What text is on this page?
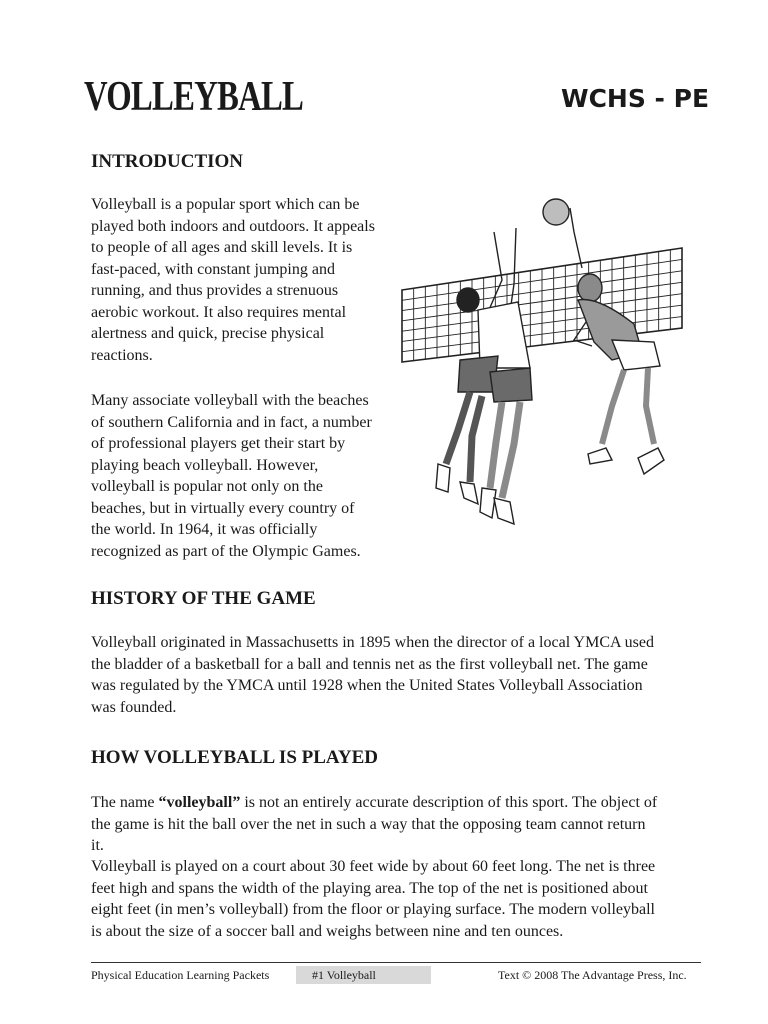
VOLLEYBALL	WCHS - PE
INTRODUCTION
Volleyball is a popular sport which can be
played both indoors and outdoors. It appeals
to people of all ages and skill levels. It is
fast-paced, with constant jumping and
running, and thus provides a strenuous
aerobic workout. It also requires mental
alertness and quick, precise physical
reactions.
Many associate volleyball with the beaches
of southern California and in fact, a number
of professional players get their start by
playing beach volleyball. However,
volleyball is popular not only on the
beaches, but in virtually every country of
the world. In 1964, it was officially
recognized as part of the Olympic Games.
HISTORY OF THE GAME
Volleyball originated in Massachusetts in 1895 when the director of a local YMCA used
the bladder of a basketball for a ball and tennis net as the first volleyball net. The game
was regulated by the YMCA until 1928 when the United States Volleyball Association
was founded.
HOW VOLLEYBALL IS PLAYED
The name “volleyball” is not an entirely accurate description of this sport. The object of
the game is hit the ball over the net in such a way that the opposing team cannot return
it.
Volleyball is played on a court about 30 feet wide by about 60 feet long. The net is three
feet high and spans the width of the playing area. The top of the net is positioned about
eight feet (in men’s volleyball) from the floor or playing surface. The modern volleyball
is about the size of a soccer ball and weighs between nine and ten ounces.
Physical Education Learning Packets	#1 Volleyball	Text © 2008 The Advantage Press, Inc.
